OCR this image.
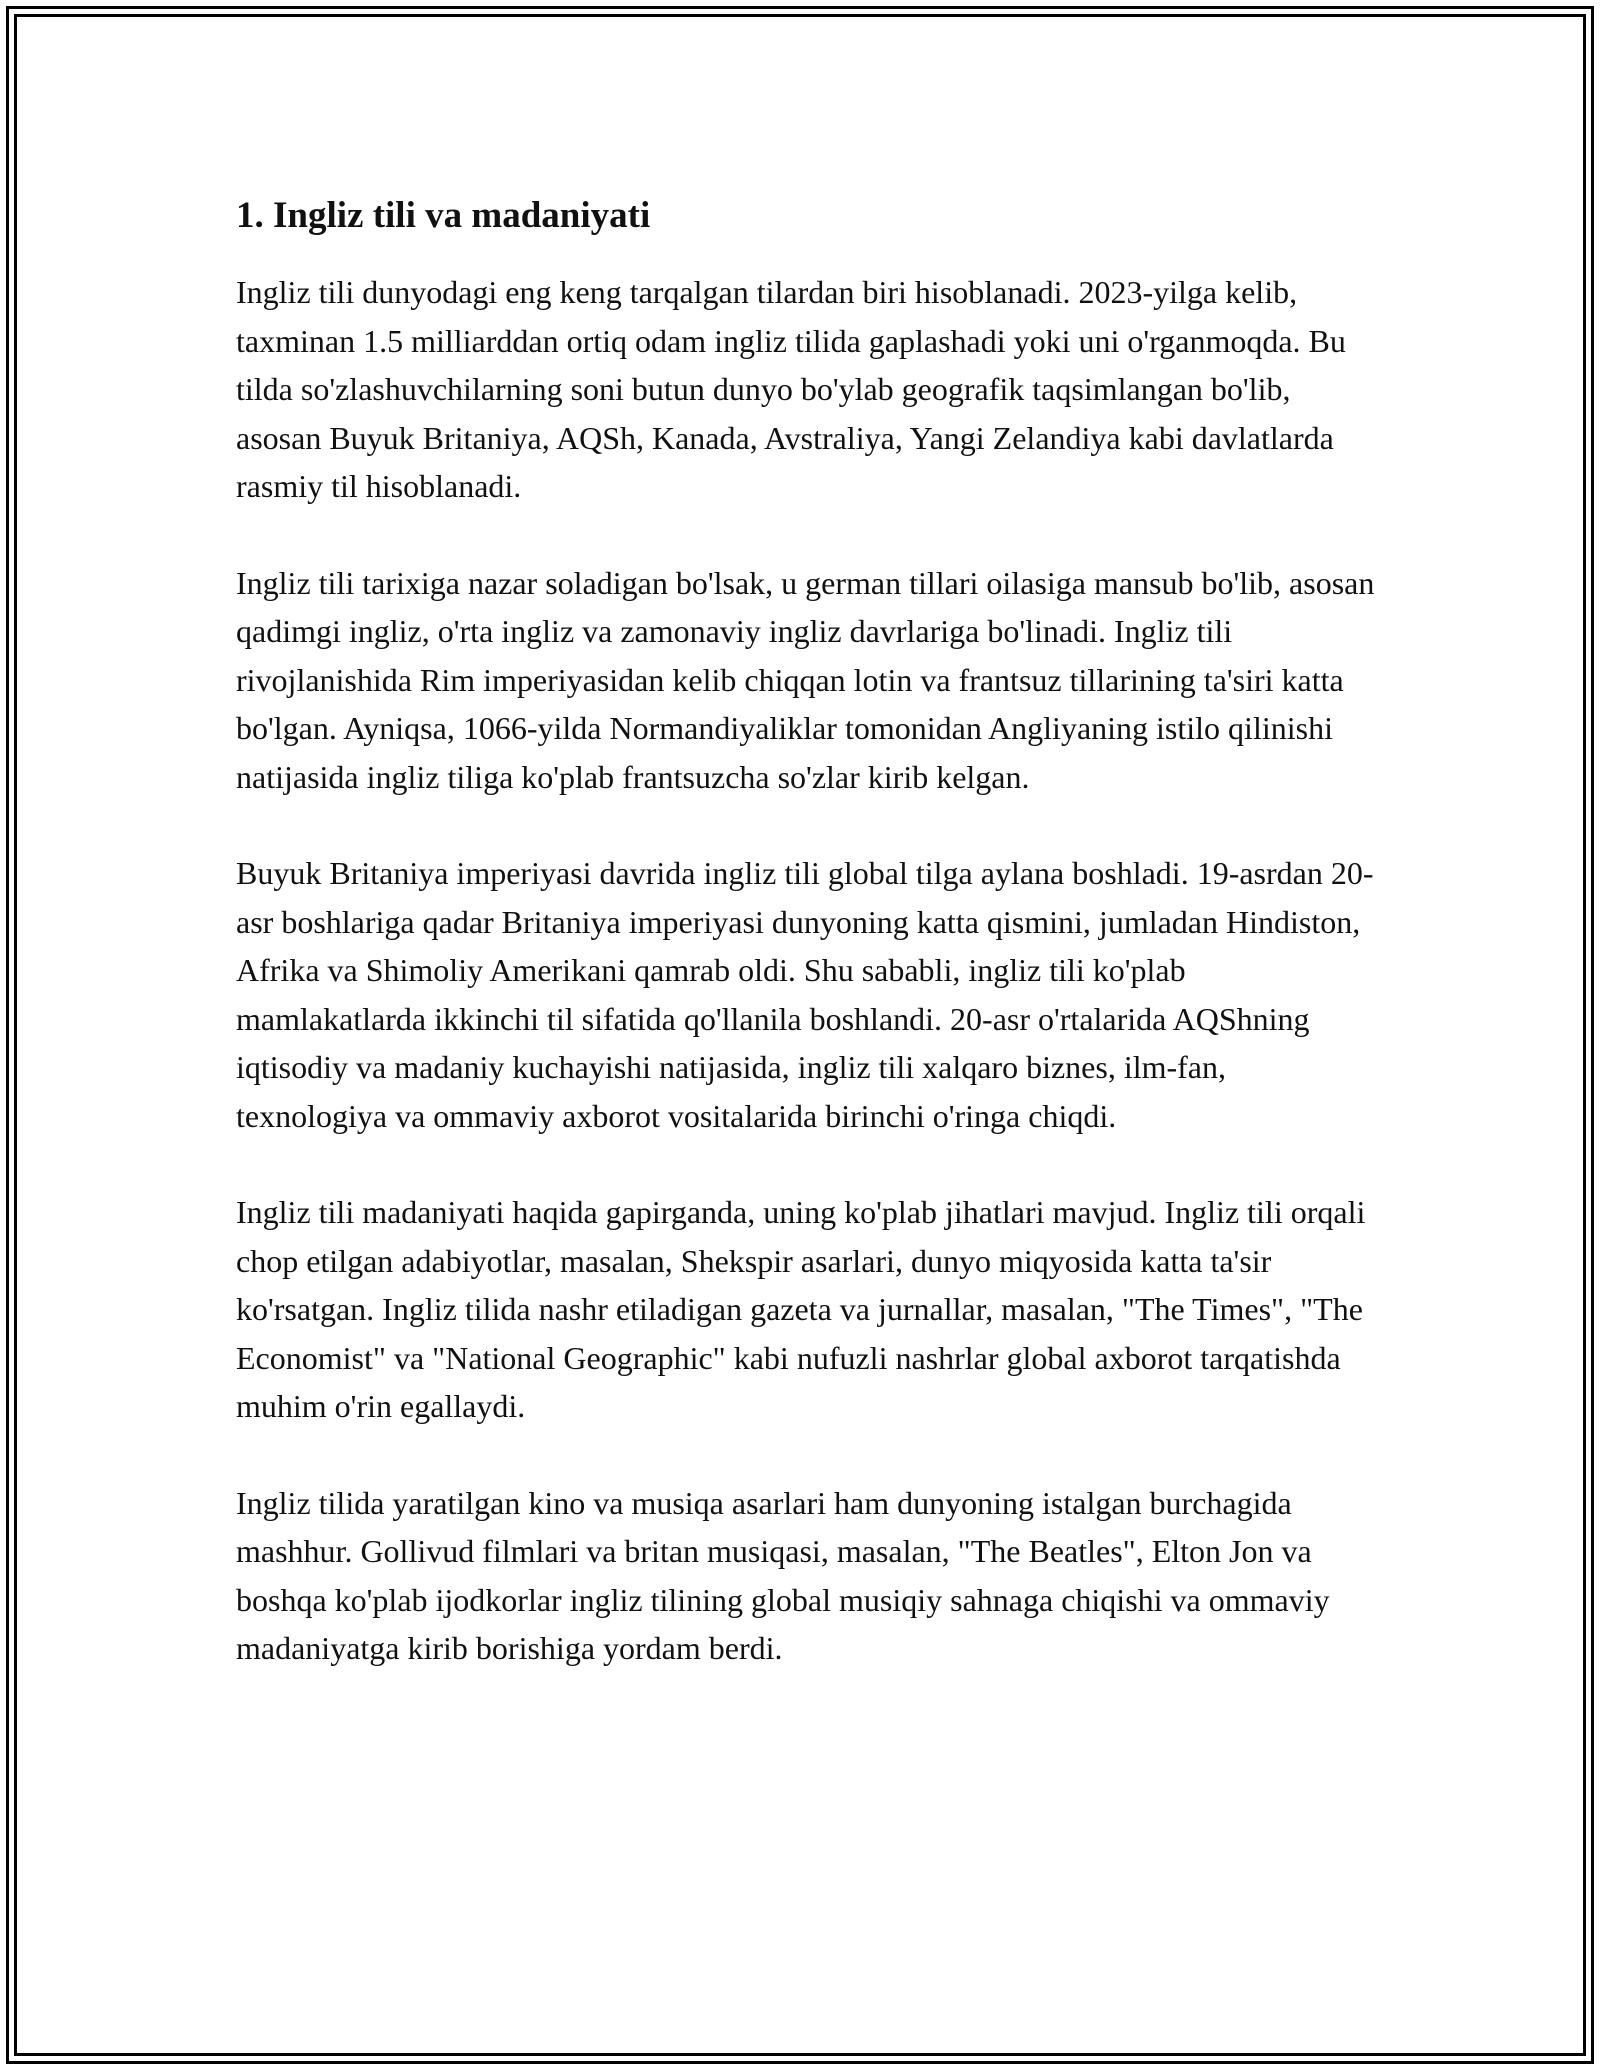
1. Ingliz tili va madaniyati

Ingliz tili dunyodagi eng keng tarqalgan tilardan biri hisoblanadi. 2023-yilga kelib, taxminan 1.5 milliarddan ortiq odam ingliz tilida gaplashadi yoki uni o'rganmoqda. Bu tilda so'zlashuvchilarning soni butun dunyo bo'ylab geografik taqsimlangan bo'lib, asosan Buyuk Britaniya, AQSh, Kanada, Avstraliya, Yangi Zelandiya kabi davlatlarda rasmiy til hisoblanadi.

Ingliz tili tarixiga nazar soladigan bo'lsak, u german tillari oilasiga mansub bo'lib, asosan qadimgi ingliz, o'rta ingliz va zamonaviy ingliz davrlariga bo'linadi. Ingliz tili rivojlanishida Rim imperiyasidan kelib chiqqan lotin va frantsuz tillarining ta'siri katta bo'lgan. Ayniqsa, 1066-yilda Normandiyaliklar tomonidan Angliyaning istilo qilinishi natijasida ingliz tiliga ko'plab frantsuzcha so'zlar kirib kelgan.

Buyuk Britaniya imperiyasi davrida ingliz tili global tilga aylana boshladi. 19-asrdan 20-asr boshlariga qadar Britaniya imperiyasi dunyoning katta qismini, jumladan Hindiston, Afrika va Shimoliy Amerikani qamrab oldi. Shu sababli, ingliz tili ko'plab mamlakatlarda ikkinchi til sifatida qo'llanila boshlandi. 20-asr o'rtalarida AQShning iqtisodiy va madaniy kuchayishi natijasida, ingliz tili xalqaro biznes, ilm-fan, texnologiya va ommaviy axborot vositalarida birinchi o'ringa chiqdi.

Ingliz tili madaniyati haqida gapirganda, uning ko'plab jihatlari mavjud. Ingliz tili orqali chop etilgan adabiyotlar, masalan, Shekspir asarlari, dunyo miqyosida katta ta'sir ko'rsatgan. Ingliz tilida nashr etiladigan gazeta va jurnallar, masalan, "The Times", "The Economist" va "National Geographic" kabi nufuzli nashrlar global axborot tarqatishda muhim o'rin egallaydi.

Ingliz tilida yaratilgan kino va musiqa asarlari ham dunyoning istalgan burchagida mashhur. Gollivud filmlari va britan musiqasi, masalan, "The Beatles", Elton Jon va boshqa ko'plab ijodkorlar ingliz tilining global musiqiy sahnaga chiqishi va ommaviy madaniyatga kirib borishiga yordam berdi.
